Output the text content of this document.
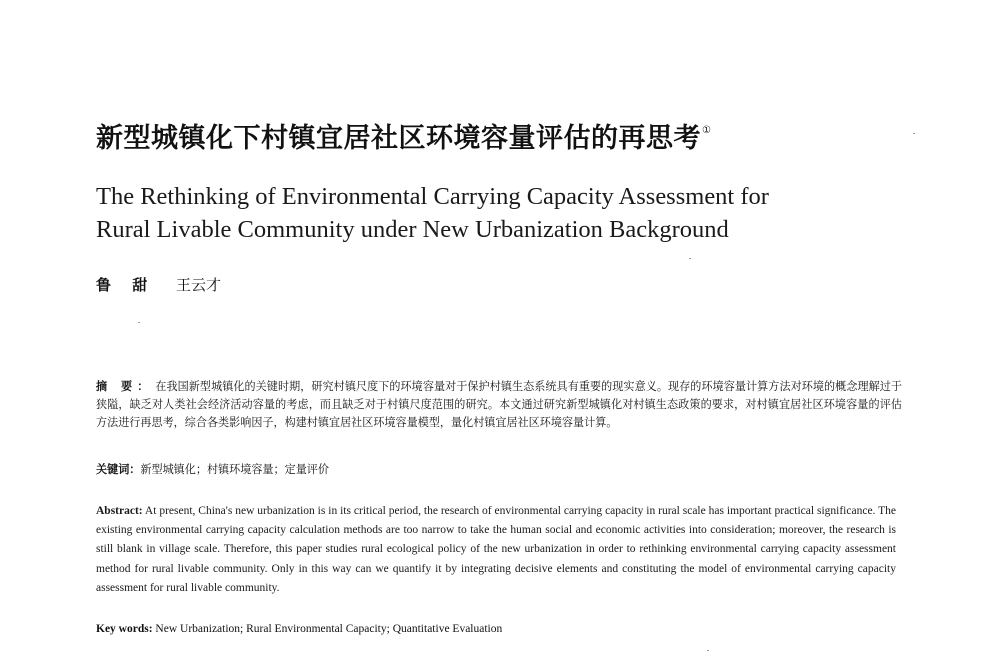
新型城镇化下村镇宜居社区环境容量评估的再思考①
The Rethinking of Environmental Carrying Capacity Assessment for
Rural Livable Community under New Urbanization Background
鲁 甜 王云才
摘 要： 在我国新型城镇化的关键时期，研究村镇尺度下的环境容量对于保护村镇生态系统具有重要的现实意义。现存的环境容量计算方法对环境的概念理解过于狭隘，缺乏对人类社会经济活动容量的考虑，而且缺乏对于村镇尺度范围的研究。本文通过研究新型城镇化对村镇生态政策的要求，对村镇宜居社区环境容量的评估方法进行再思考，综合各类影响因子，构建村镇宜居社区环境容量模型，量化村镇宜居社区环境容量计算。
关键词：新型城镇化；村镇环境容量；定量评价
Abstract: At present, China's new urbanization is in its critical period, the research of environmental carrying capacity in rural scale has important practical significance. The existing environmental carrying capacity calculation methods are too narrow to take the human social and economic activities into consideration; moreover, the research is still blank in village scale. Therefore, this paper studies rural ecological policy of the new urbanization in order to rethinking environmental carrying capacity assessment method for rural livable community. Only in this way can we quantify it by integrating decisive elements and constituting the model of environmental carrying capacity assessment for rural livable community.
Key words: New Urbanization; Rural Environmental Capacity; Quantitative Evaluation
